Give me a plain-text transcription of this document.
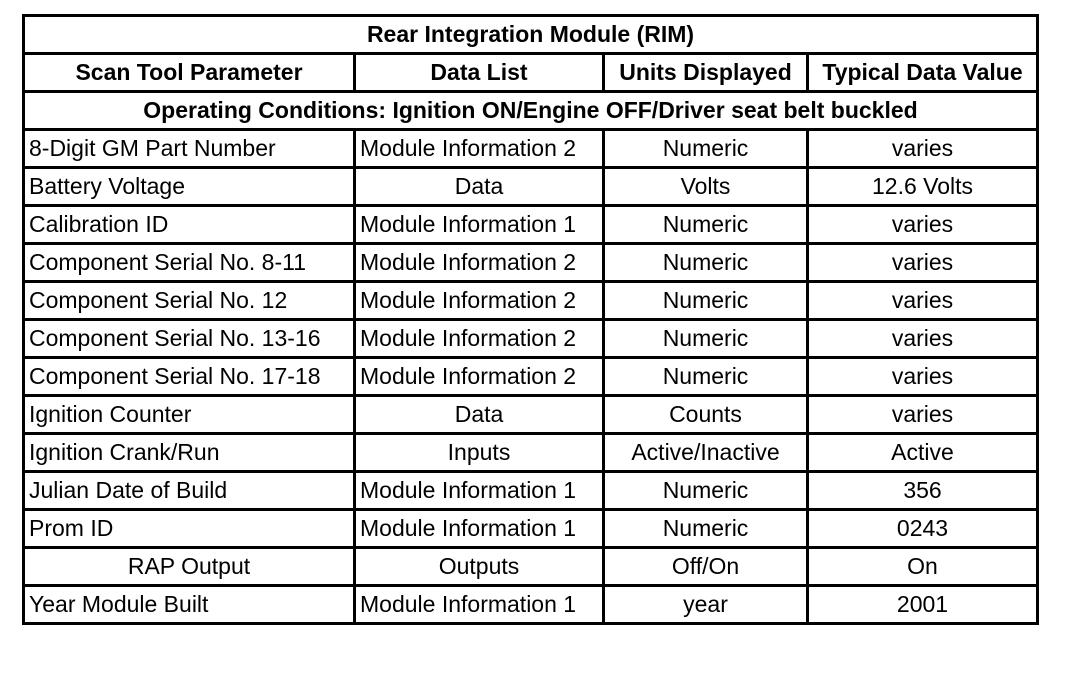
Rear Integration Module (RIM)			
Scan Tool Parameter	Data List	Units Displayed	Typical Data Value
Operating Conditions: Ignition ON/Engine OFF/Driver seat belt buckled			
8-Digit GM Part Number	Module Information 2	Numeric	varies
Battery Voltage	Data	Volts	12.6 Volts
Calibration ID	Module Information 1	Numeric	varies
Component Serial No. 8-11	Module Information 2	Numeric	varies
Component Serial No. 12	Module Information 2	Numeric	varies
Component Serial No. 13-16	Module Information 2	Numeric	varies
Component Serial No. 17-18	Module Information 2	Numeric	varies
Ignition Counter	Data	Counts	varies
Ignition Crank/Run	Inputs	Active/Inactive	Active
Julian Date of Build	Module Information 1	Numeric	356
Prom ID	Module Information 1	Numeric	0243
RAP Output	Outputs	Off/On	On
Year Module Built	Module Information 1	year	2001
